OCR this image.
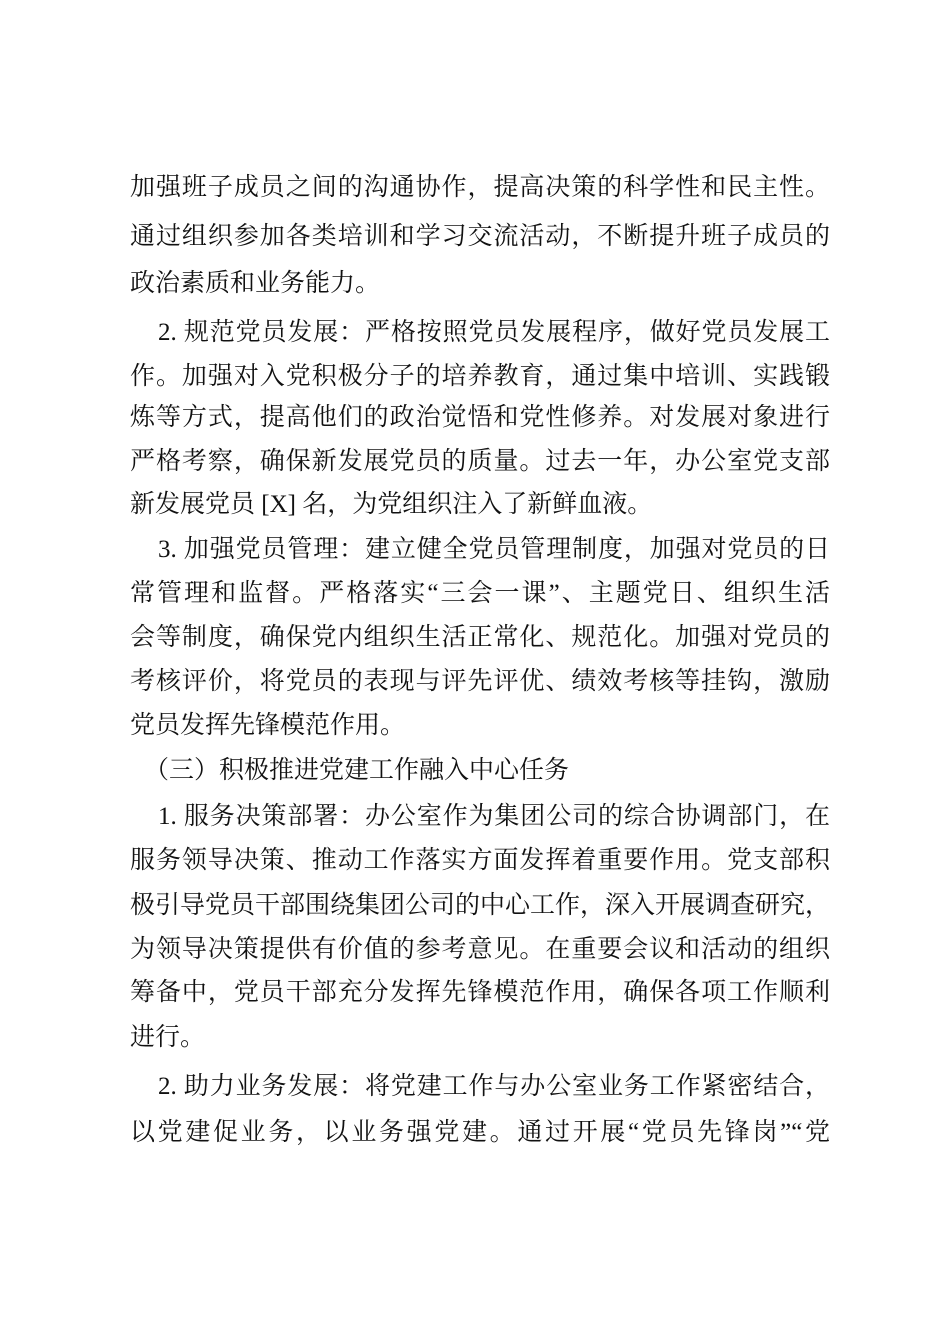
加强班子成员之间的沟通协作，提高决策的科学性和民主性。
通过组织参加各类培训和学习交流活动，不断提升班子成员的
政治素质和业务能力。
2. 规范党员发展：严格按照党员发展程序，做好党员发展工
作。加强对入党积极分子的培养教育，通过集中培训、实践锻
炼等方式，提高他们的政治觉悟和党性修养。对发展对象进行
严格考察，确保新发展党员的质量。过去一年，办公室党支部
新发展党员 [X] 名，为党组织注入了新鲜血液。
3. 加强党员管理：建立健全党员管理制度，加强对党员的日
常管理和监督。严格落实“三会一课”、主题党日、组织生活
会等制度，确保党内组织生活正常化、规范化。加强对党员的
考核评价，将党员的表现与评先评优、绩效考核等挂钩，激励
党员发挥先锋模范作用。
（三）积极推进党建工作融入中心任务
1. 服务决策部署：办公室作为集团公司的综合协调部门，在
服务领导决策、推动工作落实方面发挥着重要作用。党支部积
极引导党员干部围绕集团公司的中心工作，深入开展调查研究，
为领导决策提供有价值的参考意见。在重要会议和活动的组织
筹备中，党员干部充分发挥先锋模范作用，确保各项工作顺利
进行。
2. 助力业务发展：将党建工作与办公室业务工作紧密结合，
以党建促业务，以业务强党建。通过开展“党员先锋岗”“党
